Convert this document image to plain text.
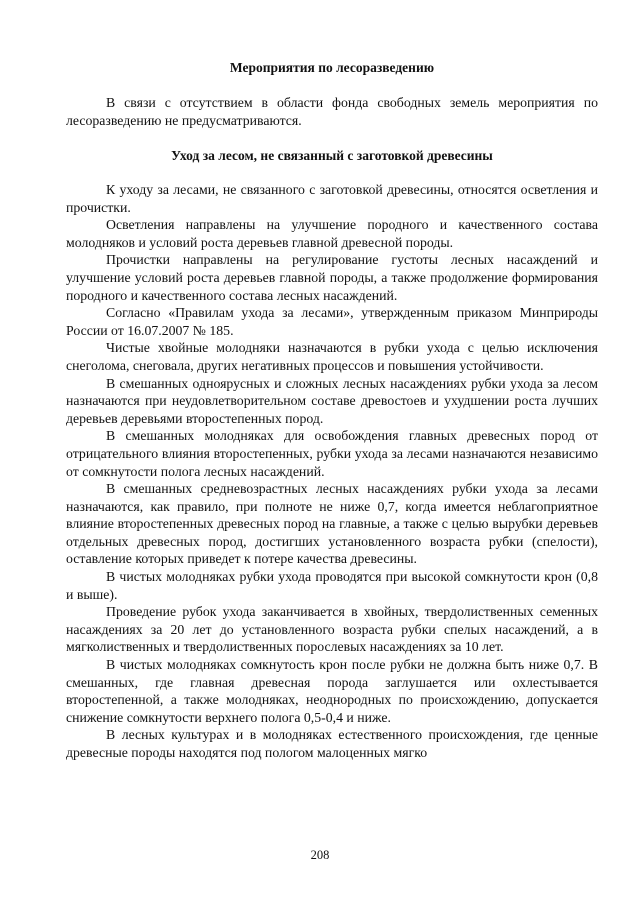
Мероприятия по лесоразведению

В связи с отсутствием в области фонда свободных земель мероприятия по лесоразведению не предусматриваются.

Уход за лесом, не связанный с заготовкой древесины

К уходу за лесами, не связанного с заготовкой древесины, относятся осветления и прочистки.

Осветления направлены на улучшение породного и качественного состава молодняков и условий роста деревьев главной древесной породы.

Прочистки направлены на регулирование густоты лесных насаждений и улучшение условий роста деревьев главной породы, а также продолжение формирования породного и качественного состава лесных насаждений.

Согласно «Правилам ухода за лесами», утвержденным приказом Минприроды России от 16.07.2007 № 185.

Чистые хвойные молодняки назначаются в рубки ухода с целью исключения снеголома, снеговала, других негативных процессов и повышения устойчивости.

В смешанных одноярусных и сложных лесных насаждениях рубки ухода за лесом назначаются при неудовлетворительном составе древостоев и ухудшении роста лучших деревьев деревьями второстепенных пород.

В смешанных молодняках для освобождения главных древесных пород от отрицательного влияния второстепенных, рубки ухода за лесами назначаются независимо от сомкнутости полога лесных насаждений.

В смешанных средневозрастных лесных насаждениях рубки ухода за лесами назначаются, как правило, при полноте не ниже 0,7, когда имеется неблагоприятное влияние второстепенных древесных пород на главные, а также с целью вырубки деревьев отдельных древесных пород, достигших установленного возраста рубки (спелости), оставление которых приведет к потере качества древесины.

В чистых молодняках рубки ухода проводятся при высокой сомкнутости крон (0,8 и выше).

Проведение рубок ухода заканчивается в хвойных, твердолиственных семенных насаждениях за 20 лет до установленного возраста рубки спелых насаждений, а в мягколиственных и твердолиственных порослевых насаждениях за 10 лет.

В чистых молодняках сомкнутость крон после рубки не должна быть ниже 0,7. В смешанных, где главная древесная порода заглушается или охлестывается второстепенной, а также молодняках, неоднородных по происхождению, допускается снижение сомкнутости верхнего полога 0,5-0,4 и ниже.

В лесных культурах и в молодняках естественного происхождения, где ценные древесные породы находятся под пологом малоценных мягко

208
